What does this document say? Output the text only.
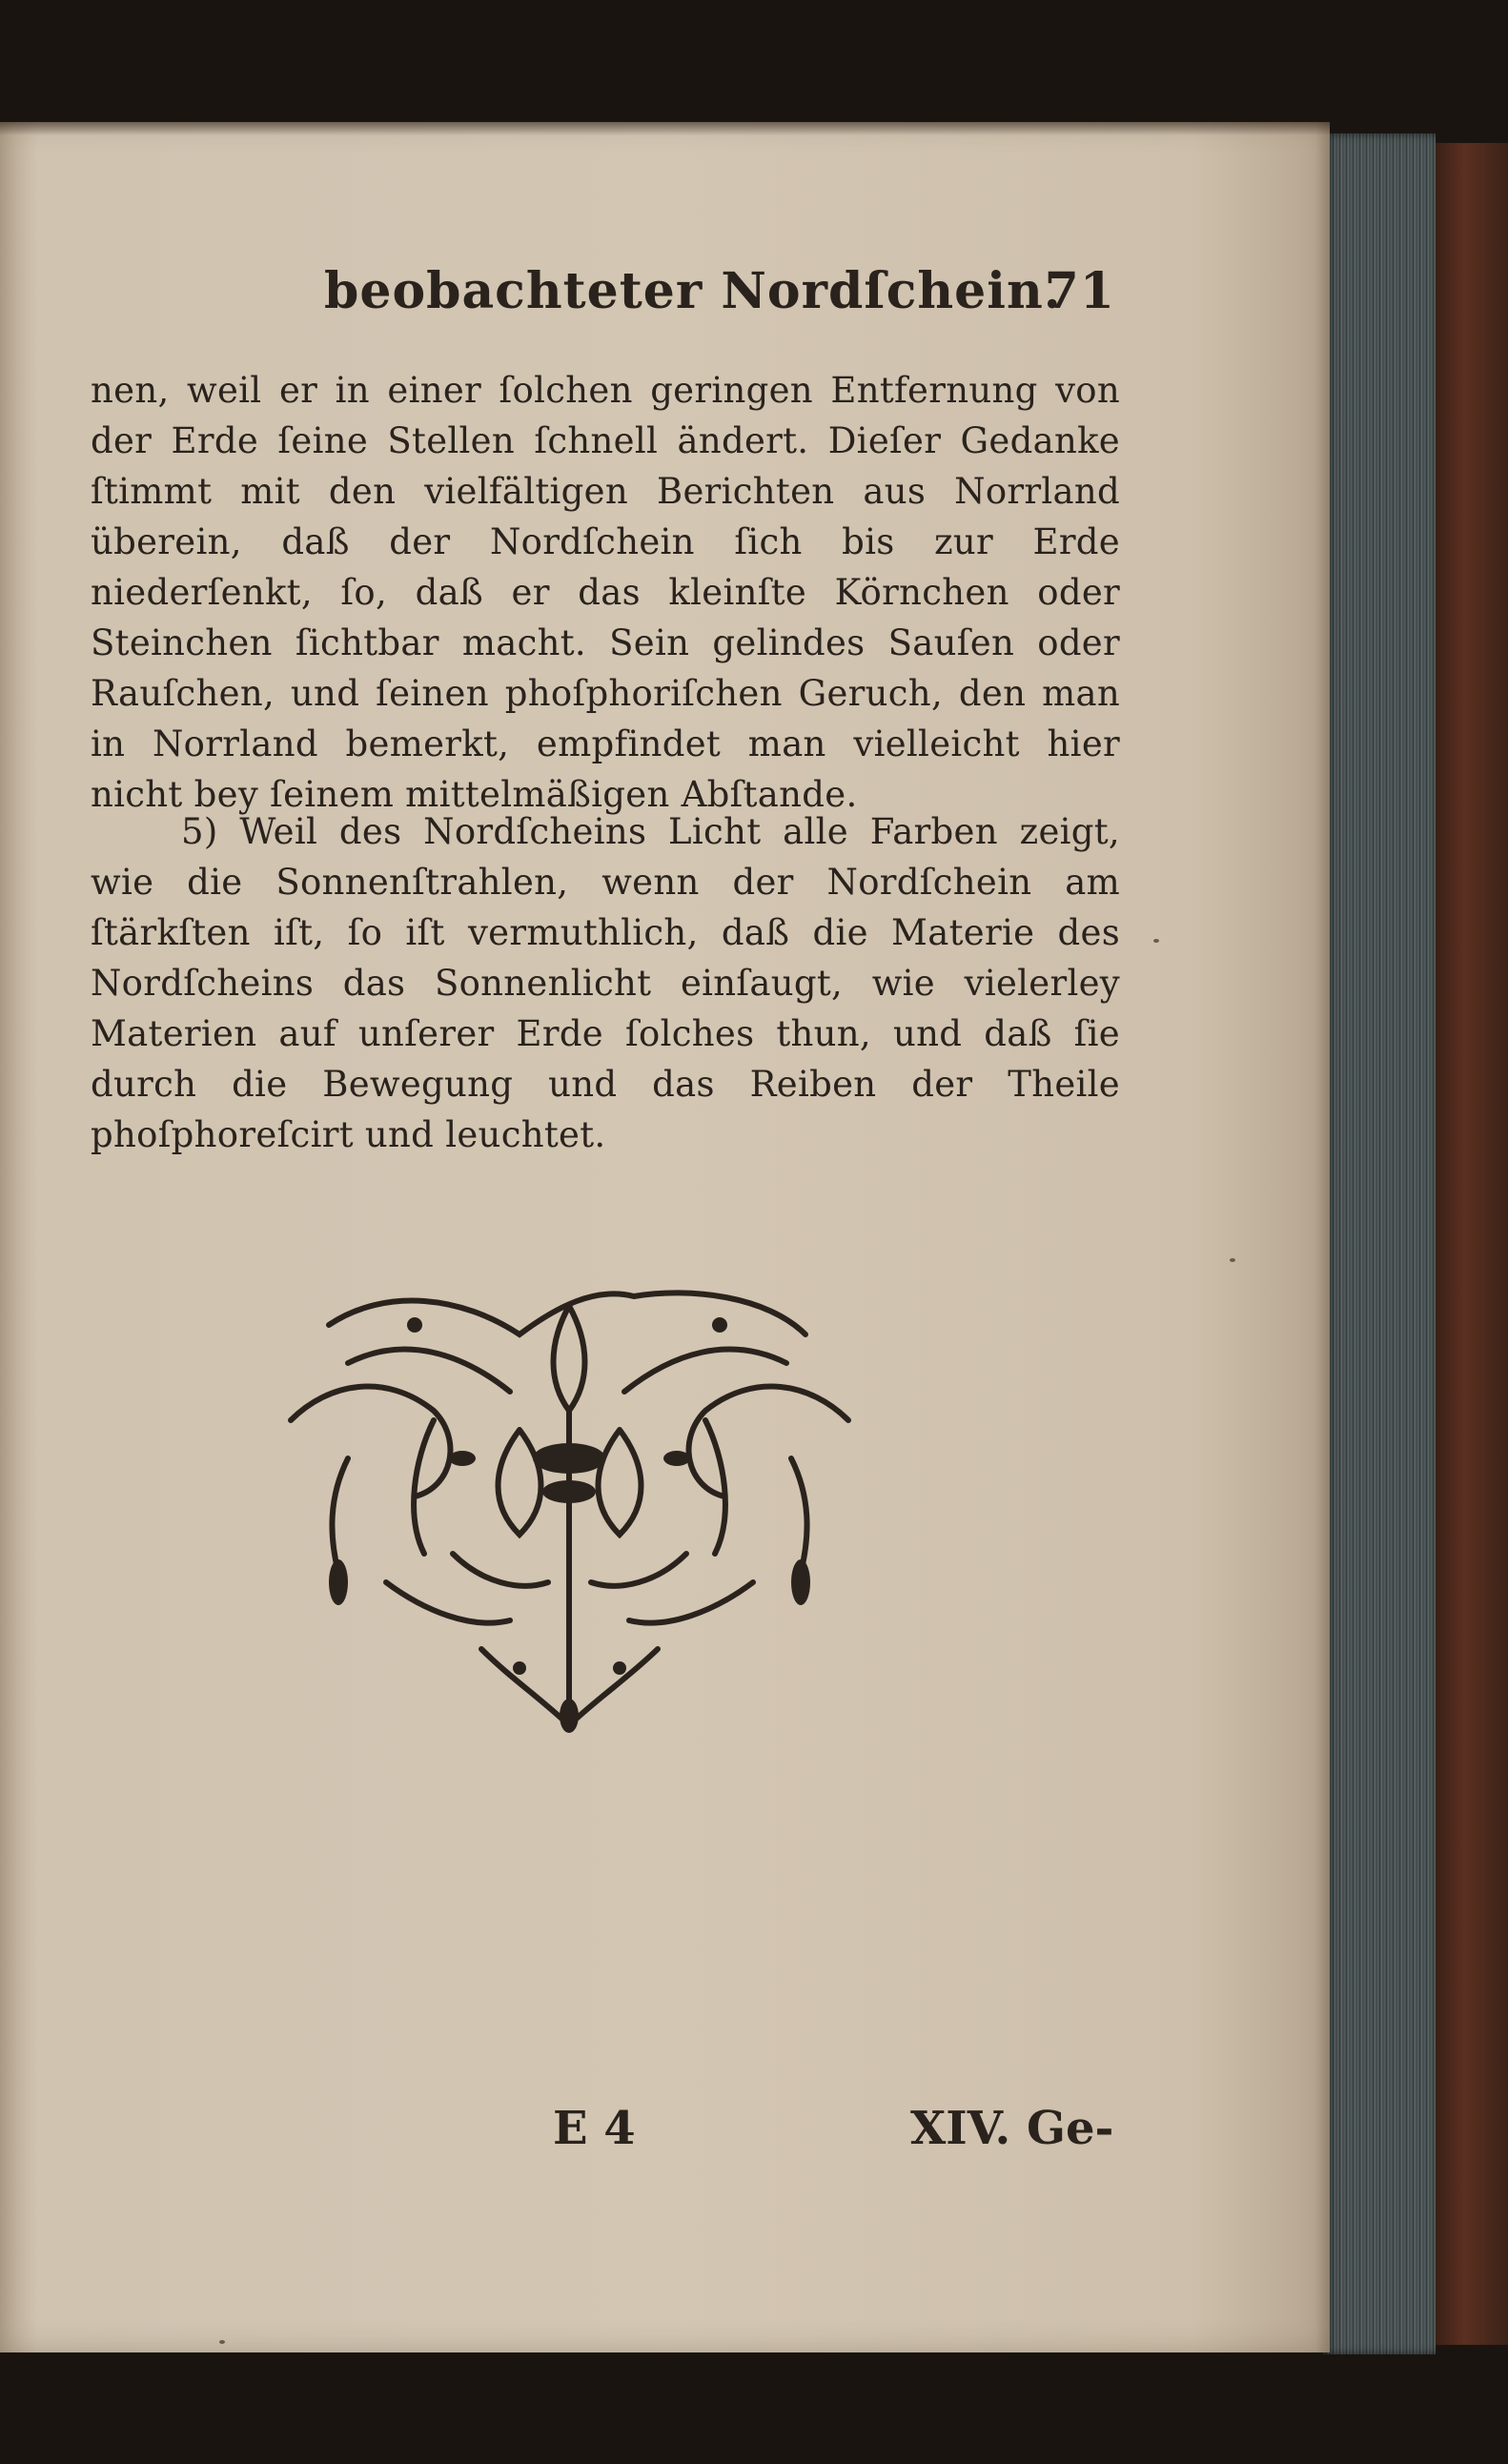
beobachteter Nordſchein.
71
nen, weil er in einer ſolchen geringen Entfernung von der Erde ſeine Stellen ſchnell ändert. Dieſer Gedanke ſtimmt mit den vielfältigen Berichten aus Norrland überein, daß der Nordſchein ſich bis zur Erde niederſenkt, ſo, daß er das kleinſte Körnchen oder Steinchen ſichtbar macht. Sein gelindes Sauſen oder Rauſchen, und ſeinen phoſphoriſchen Geruch, den man in Norrland bemerkt, empfindet man vielleicht hier nicht bey ſeinem mittelmäßigen Abſtande.
5) Weil des Nordſcheins Licht alle Farben zeigt, wie die Sonnenſtrahlen, wenn der Nordſchein am ſtärkſten iſt, ſo iſt vermuthlich, daß die Materie des Nordſcheins das Sonnenlicht einſaugt, wie vielerley Materien auf unſerer Erde ſolches thun, und daß ſie durch die Bewegung und das Reiben der Theile phoſphoreſcirt und leuchtet.
E 4	XIV. Ge-
